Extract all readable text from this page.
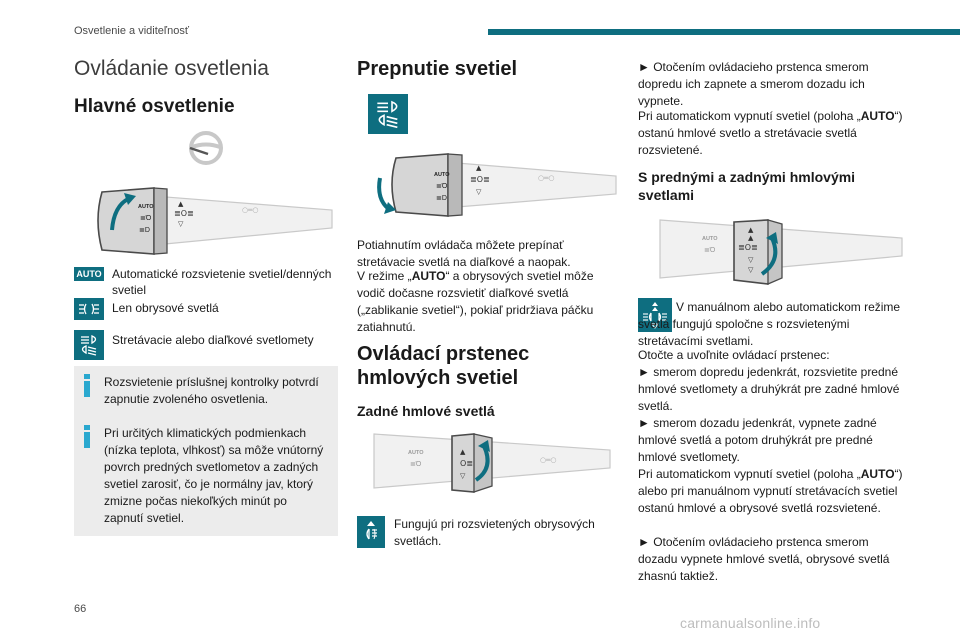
Osvetlenie a viditeľnosť
Ovládanie osvetlenia
Hlavné osvetlenie
AUTO
≣Ό
≣D
▲
≣O≣
▽
○═○
AUTO Automatické rozsvietenie svetiel/denných svetiel
Len obrysové svetlá
Stretávacie alebo diaľkové svetlomety
Rozsvietenie príslušnej kontrolky potvrdí zapnutie zvoleného osvetlenia.
Pri určitých klimatických podmienkach (nízka teplota, vlhkosť) sa môže vnútorný povrch predných svetlometov a zadných svetiel zarosiť, čo je normálny jav, ktorý zmizne počas niekoľkých minút po zapnutí svetiel.
Prepnutie svetiel
AUTO
≣Ό
≣D
▲
≣O≣
▽
○═○
Potiahnutím ovládača môžete prepínať stretávacie svetlá na diaľkové a naopak.
V režime „AUTO“ a obrysových svetiel môže vodič dočasne rozsvietiť diaľkové svetlá („zablikanie svetiel“), pokiaľ pridržiava páčku zatiahnutú.
Ovládací prstenec hmlových svetiel
Zadné hmlové svetlá
AUTO
≣Ό
▲
O≣
▽
○═○
Fungujú pri rozsvietených obrysových svetlách.
► Otočením ovládacieho prstenca smerom dopredu ich zapnete a smerom dozadu ich vypnete.
Pri automatickom vypnutí svetiel (poloha „AUTO“) ostanú hmlové svetlo a stretávacie svetlá rozsvietené.
S prednými a zadnými hmlovými svetlami
AUTO
≣Ό
▲
▲
≣O≣
▽
▽
V manuálnom alebo automatickom režime svetlá fungujú spoločne s rozsvietenými stretávacími svetlami.
Otočte a uvoľnite ovládací prstenec:
► smerom dopredu jedenkrát, rozsvietite predné hmlové svetlomety a druhýkrát pre zadné hmlové svetlá.
► smerom dozadu jedenkrát, vypnete zadné hmlové svetlá a potom druhýkrát pre predné hmlové svetlomety.
Pri automatickom vypnutí svetiel (poloha „AUTO“) alebo pri manuálnom vypnutí stretávacích svetiel ostanú hmlové a obrysové svetlá rozsvietené.
► Otočením ovládacieho prstenca smerom dozadu vypnete hmlové svetlá, obrysové svetlá zhasnú taktiež.
66
carmanualsonline.info
